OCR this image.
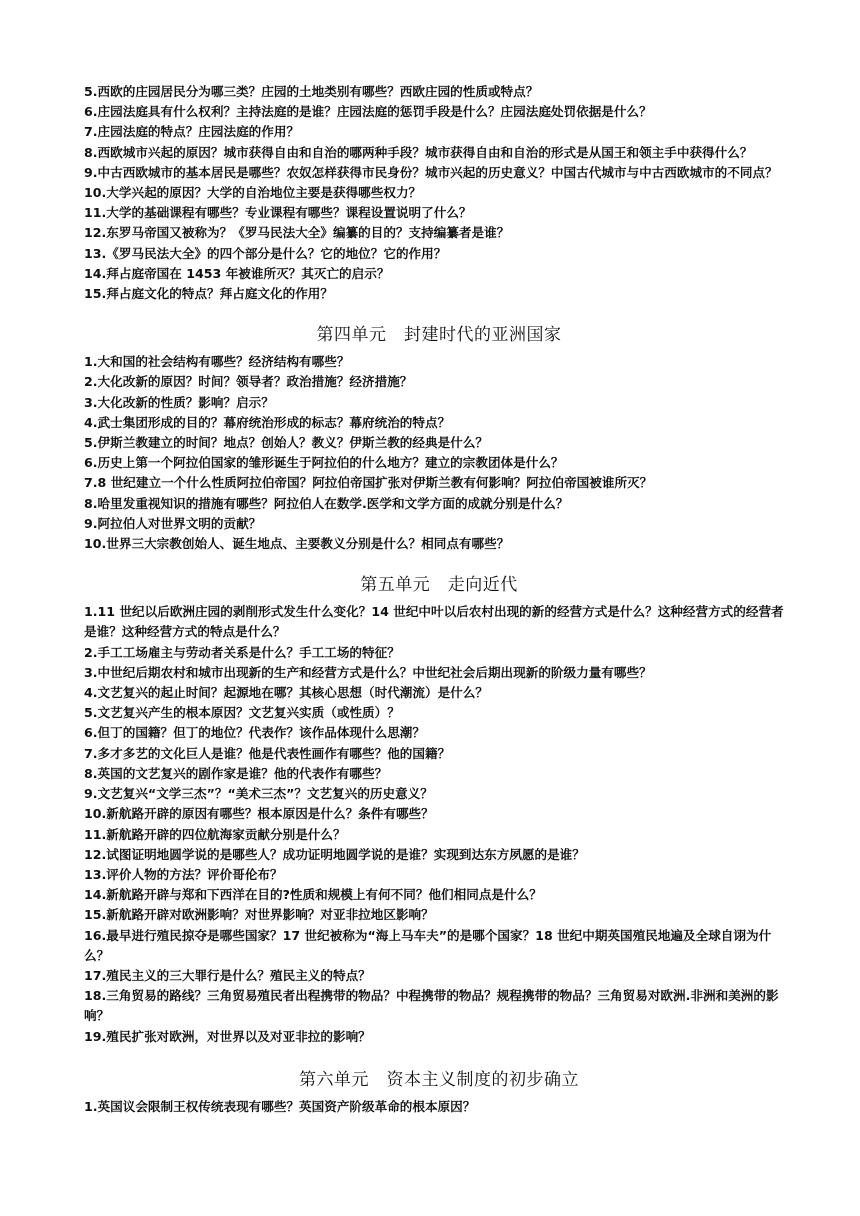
5.西欧的庄园居民分为哪三类？庄园的土地类别有哪些？西欧庄园的性质或特点？

6.庄园法庭具有什么权利？主持法庭的是谁？庄园法庭的惩罚手段是什么？庄园法庭处罚依据是什么？

7.庄园法庭的特点？庄园法庭的作用？

8.西欧城市兴起的原因？城市获得自由和自治的哪两种手段？城市获得自由和自治的形式是从国王和领主手中获得什么？

9.中古西欧城市的基本居民是哪些？农奴怎样获得市民身份？城市兴起的历史意义？中国古代城市与中古西欧城市的不同点？

10.大学兴起的原因？大学的自治地位主要是获得哪些权力？

11.大学的基础课程有哪些？专业课程有哪些？课程设置说明了什么？

12.东罗马帝国又被称为？《罗马民法大全》编纂的目的？支持编纂者是谁？

13.《罗马民法大全》的四个部分是什么？它的地位？它的作用？

14.拜占庭帝国在 1453 年被谁所灭？其灭亡的启示？

15.拜占庭文化的特点？拜占庭文化的作用？

第四单元　封建时代的亚洲国家

1.大和国的社会结构有哪些？经济结构有哪些？

2.大化改新的原因？时间？领导者？政治措施？经济措施？

3.大化改新的性质？影响？启示？

4.武士集团形成的目的？幕府统治形成的标志？幕府统治的特点？

5.伊斯兰教建立的时间？地点？创始人？教义？伊斯兰教的经典是什么？

6.历史上第一个阿拉伯国家的雏形诞生于阿拉伯的什么地方？建立的宗教团体是什么？

7.8 世纪建立一个什么性质阿拉伯帝国？阿拉伯帝国扩张对伊斯兰教有何影响？阿拉伯帝国被谁所灭？

8.哈里发重视知识的措施有哪些？阿拉伯人在数学.医学和文学方面的成就分别是什么？

9.阿拉伯人对世界文明的贡献？

10.世界三大宗教创始人、诞生地点、主要教义分别是什么？相同点有哪些？

第五单元　走向近代

1.11 世纪以后欧洲庄园的剥削形式发生什么变化？14 世纪中叶以后农村出现的新的经营方式是什么？这种经营方式的经营者是谁？这种经营方式的特点是什么？

2.手工工场雇主与劳动者关系是什么？手工工场的特征？

3.中世纪后期农村和城市出现新的生产和经营方式是什么？中世纪社会后期出现新的阶级力量有哪些？

4.文艺复兴的起止时间？起源地在哪？其核心思想（时代潮流）是什么？

5.文艺复兴产生的根本原因？文艺复兴实质（或性质）？

6.但丁的国籍？但丁的地位？代表作？该作品体现什么思潮？

7.多才多艺的文化巨人是谁？他是代表性画作有哪些？他的国籍？

8.英国的文艺复兴的剧作家是谁？他的代表作有哪些？

9.文艺复兴“文学三杰”？“美术三杰”？文艺复兴的历史意义？

10.新航路开辟的原因有哪些？根本原因是什么？条件有哪些？

11.新航路开辟的四位航海家贡献分别是什么？

12.试图证明地圆学说的是哪些人？成功证明地圆学说的是谁？实现到达东方夙愿的是谁？

13.评价人物的方法？评价哥伦布？

14.新航路开辟与郑和下西洋在目的?性质和规模上有何不同？他们相同点是什么？

15.新航路开辟对欧洲影响？对世界影响？对亚非拉地区影响？

16.最早进行殖民掠夺是哪些国家？17 世纪被称为“海上马车夫”的是哪个国家？18 世纪中期英国殖民地遍及全球自诩为什么？

17.殖民主义的三大罪行是什么？殖民主义的特点？

18.三角贸易的路线？三角贸易殖民者出程携带的物品？中程携带的物品？规程携带的物品？三角贸易对欧洲.非洲和美洲的影响？

19.殖民扩张对欧洲，对世界以及对亚非拉的影响？

第六单元　资本主义制度的初步确立

1.英国议会限制王权传统表现有哪些？英国资产阶级革命的根本原因？
